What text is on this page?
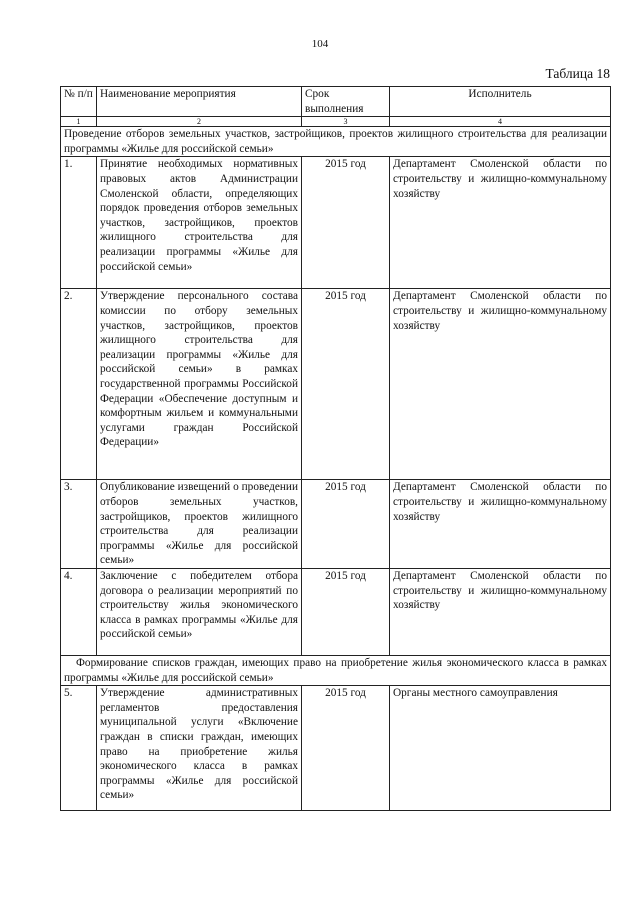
104
Таблица 18
№ п/п	Наименование мероприятия	Срок выполнения	Исполнитель
1	2	3	4
Проведение отборов земельных участков, застройщиков, проектов жилищного строительства для реализации программы «Жилье для российской семьи»			
1.	Принятие необходимых нормативных правовых актов Администрации Смоленской области, определяющих порядок проведения отборов земельных участков, застройщиков, проектов жилищного строительства для реализации программы «Жилье для российской семьи»	2015 год	Департамент Смоленской области по строительству и жилищно-коммунальному хозяйству
2.	Утверждение персонального состава комиссии по отбору земельных участков, застройщиков, проектов жилищного строительства для реализации программы «Жилье для российской семьи» в рамках государственной программы Российской Федерации «Обеспечение доступным и комфортным жильем и коммунальными услугами граждан Российской Федерации»	2015 год	Департамент Смоленской области по строительству и жилищно-коммунальному хозяйству
3.	Опубликование извещений о проведении отборов земельных участков, застройщиков, проектов жилищного строительства для реализации программы «Жилье для российской семьи»	2015 год	Департамент Смоленской области по строительству и жилищно-коммунальному хозяйству
4.	Заключение с победителем отбора договора о реализации мероприятий по строительству жилья экономического класса в рамках программы «Жилье для российской семьи»	2015 год	Департамент Смоленской области по строительству и жилищно-коммунальному хозяйству
Формирование списков граждан, имеющих право на приобретение жилья экономического класса в рамках программы «Жилье для российской семьи»			
5.	Утверждение административных регламентов предоставления муниципальной услуги «Включение граждан в списки граждан, имеющих право на приобретение жилья экономического класса в рамках программы «Жилье для российской семьи»	2015 год	Органы местного самоуправления
